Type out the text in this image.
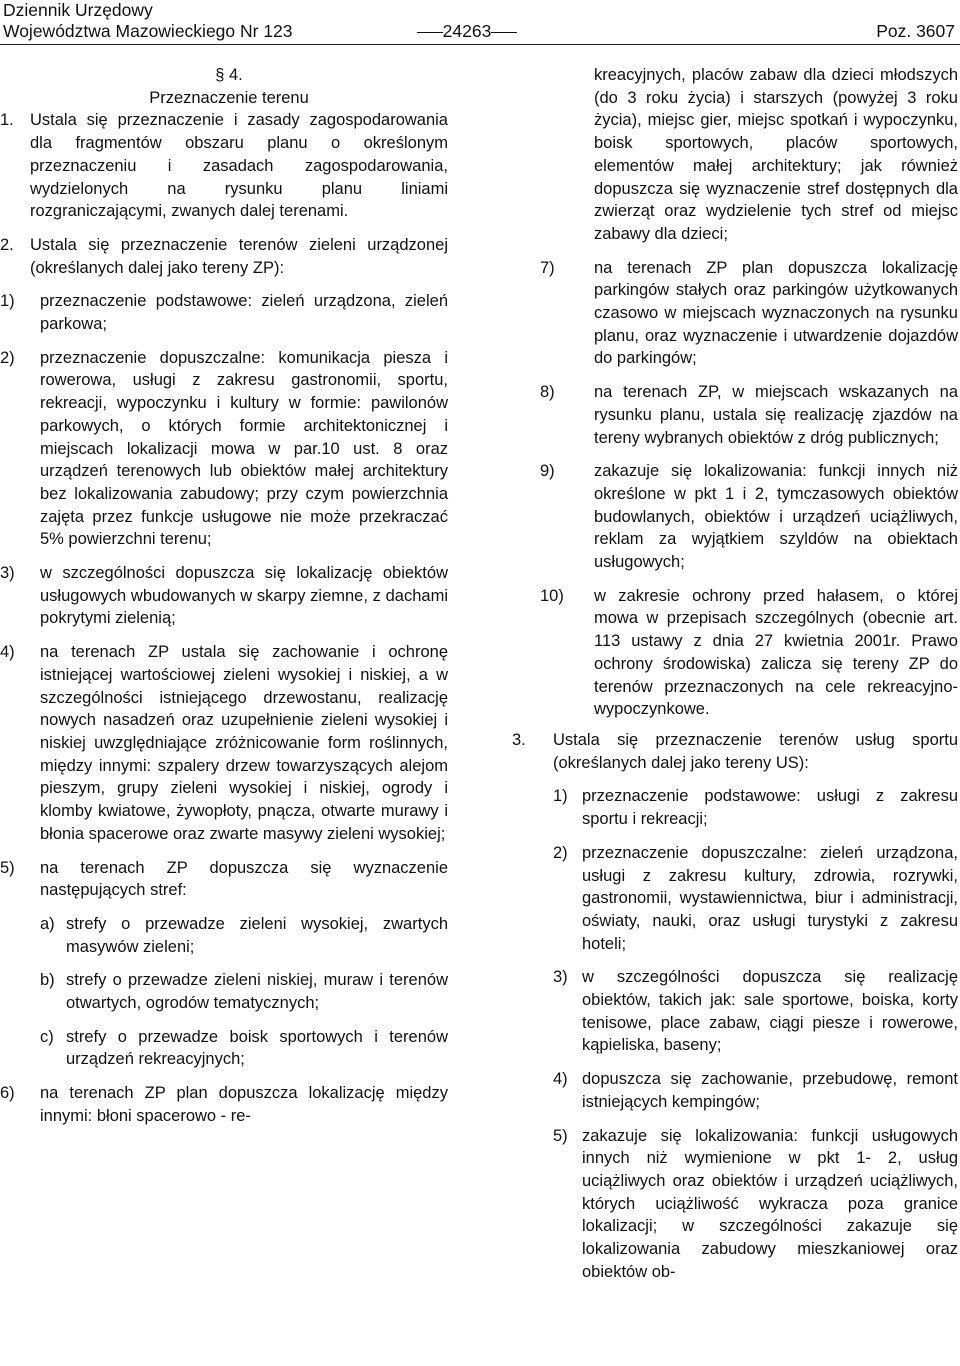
Dziennik Urzędowy
Województwa Mazowieckiego Nr 123	24263	Poz. 3607

§ 4.

Przeznaczenie terenu

1. Ustala się przeznaczenie i zasady zagospodarowania dla fragmentów obszaru planu o określonym przeznaczeniu i zasadach zagospodarowania, wydzielonych na rysunku planu liniami rozgraniczającymi, zwanych dalej terenami.
2. Ustala się przeznaczenie terenów zieleni urządzonej (określanych dalej jako tereny ZP):
1)	przeznaczenie podstawowe: zieleń urządzona, zieleń parkowa;
2)	przeznaczenie dopuszczalne: komunikacja piesza i rowerowa, usługi z zakresu gastronomii, sportu, rekreacji, wypoczynku i kultury w formie: pawilonów parkowych, o których formie architektonicznej i miejscach lokalizacji mowa w par.10 ust. 8 oraz urządzeń terenowych lub obiektów małej architektury bez lokalizowania zabudowy; przy czym powierzchnia zajęta przez funkcje usługowe nie może przekraczać 5% powierzchni terenu;
3)	w szczególności dopuszcza się lokalizację obiektów usługowych wbudowanych w skarpy ziemne, z dachami pokrytymi zielenią;
4)	na terenach ZP ustala się zachowanie i ochronę istniejącej wartościowej zieleni wysokiej i niskiej, a w szczególności istniejącego drzewostanu, realizację nowych nasadzeń oraz uzupełnienie zieleni wysokiej i niskiej uwzględniające zróżnicowanie form roślinnych, między innymi: szpalery drzew towarzyszących alejom pieszym, grupy zieleni wysokiej i niskiej, ogrody i klomby kwiatowe, żywopłoty, pnącza, otwarte murawy i błonia spacerowe oraz zwarte masywy zieleni wysokiej;
5)	na terenach ZP dopuszcza się wyznaczenie następujących stref:
a) strefy o przewadze zieleni wysokiej, zwartych masywów zieleni;
b) strefy o przewadze zieleni niskiej, muraw i terenów otwartych, ogrodów tematycznych;
c) strefy o przewadze boisk sportowych i terenów urządzeń rekreacyjnych;
6)	na terenach ZP plan dopuszcza lokalizację między innymi: błoni spacerowo - re-

kreacyjnych, placów zabaw dla dzieci młodszych (do 3 roku życia) i starszych (powyżej 3 roku życia), miejsc gier, miejsc spotkań i wypoczynku, boisk sportowych, placów sportowych, elementów małej architektury; jak również dopuszcza się wyznaczenie stref dostępnych dla zwierząt oraz wydzielenie tych stref od miejsc zabawy dla dzieci;

7)	na terenach ZP plan dopuszcza lokalizację parkingów stałych oraz parkingów użytkowanych czasowo w miejscach wyznaczonych na rysunku planu, oraz wyznaczenie i utwardzenie dojazdów do parkingów;
8)	na terenach ZP, w miejscach wskazanych na rysunku planu, ustala się realizację zjazdów na tereny wybranych obiektów z dróg publicznych;
9)	zakazuje się lokalizowania: funkcji innych niż określone w pkt 1 i 2, tymczasowych obiektów budowlanych, obiektów i urządzeń uciążliwych, reklam za wyjątkiem szyldów na obiektach usługowych;
10)	w zakresie ochrony przed hałasem, o której mowa w przepisach szczególnych (obecnie art. 113 ustawy z dnia 27 kwietnia 2001r. Prawo ochrony środowiska) zalicza się tereny ZP do terenów przeznaczonych na cele rekreacyjno-wypoczynkowe.
3.	Ustala się przeznaczenie terenów usług sportu (określanych dalej jako tereny US):
1) przeznaczenie podstawowe: usługi z zakresu sportu i rekreacji;
2) przeznaczenie dopuszczalne: zieleń urządzona, usługi z zakresu kultury, zdrowia, rozrywki, gastronomii, wystawiennictwa, biur i administracji, oświaty, nauki, oraz usługi turystyki z zakresu hoteli;
3) w szczególności dopuszcza się realizację obiektów, takich jak: sale sportowe, boiska, korty tenisowe, place zabaw, ciągi piesze i rowerowe, kąpieliska, baseny;
4) dopuszcza się zachowanie, przebudowę, remont istniejących kempingów;
5) zakazuje się lokalizowania: funkcji usługowych innych niż wymienione w pkt 1- 2, usług uciążliwych oraz obiektów i urządzeń uciążliwych, których uciążliwość wykracza poza granice lokalizacji; w szczególności zakazuje się lokalizowania zabudowy mieszkaniowej oraz obiektów ob-
